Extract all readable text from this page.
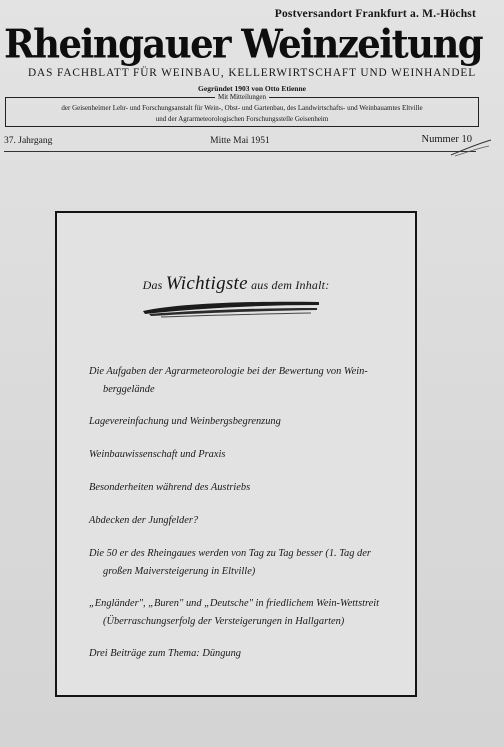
Postversandort Frankfurt a. M.-Höchst
Rheingauer Weinzeitung
DAS FACHBLATT FÜR WEINBAU, KELLERWIRTSCHAFT UND WEINHANDEL
Gegründet 1903 von Otto Etienne
Mit Mitteilungen
der Geisenheimer Lehr- und Forschungsanstalt für Wein-, Obst- und Gartenbau, des Landwirtschafts- und Weinbauamtes Eltville
und der Agrarmeteorologischen Forschungsstelle Geisenheim
37. Jahrgang	Mitte Mai 1951	Nummer 10
Das Wichtigste aus dem Inhalt:
Die Aufgaben der Agrarmeteorologie bei der Bewertung von Wein-
berggelände
Lagevereinfachung und Weinbergsbegrenzung
Weinbauwissenschaft und Praxis
Besonderheiten während des Austriebs
Abdecken der Jungfelder?
Die 50 er des Rheingaues werden von Tag zu Tag besser (1. Tag der
großen Maiversteigerung in Eltville)
„Engländer", „Buren" und „Deutsche" in friedlichem Wein-Wettstreit
(Überraschungserfolg der Versteigerungen in Hallgarten)
Drei Beiträge zum Thema: Düngung
